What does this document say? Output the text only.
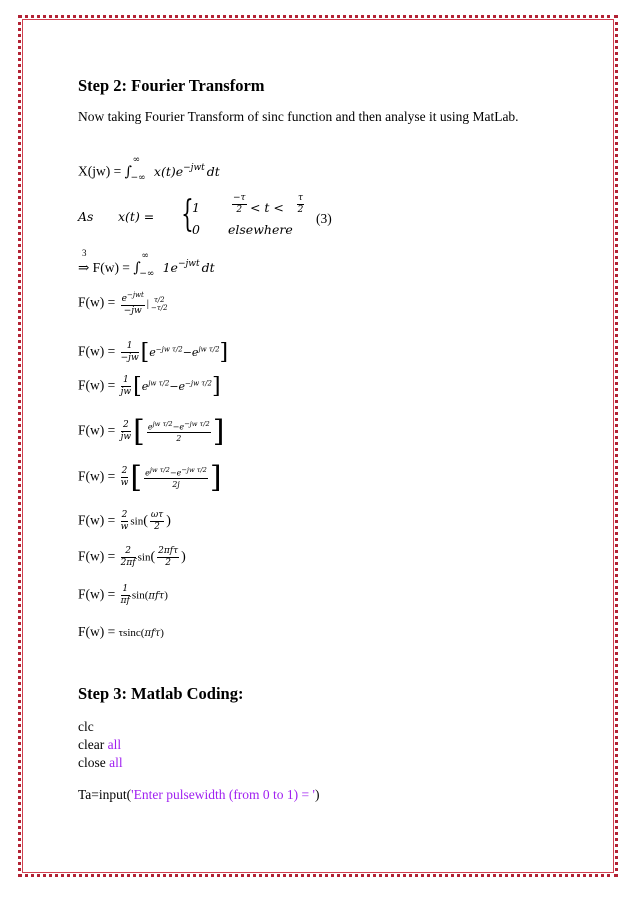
Step 2: Fourier Transform

Now taking Fourier Transform of sinc function and then analyse it using MatLab.

X(jw) = ∫
∞
−∞ $x(t)e^{-jwt}$ dt
As x(t) = {
1	$\frac{-\tau}{2} < t < \frac{\tau}{2}$
0 elsewhere
(3)
3
⇒ F(w) = ∫
∞
−∞ $1e^{-jwt}$ dt
$F(w) = \frac{e^{-jwt}}{-jw}$ | τ/2
−τ/2
$F(w) = \frac{1}{-jw} [e^{-jw \tau/2}-e^{jw \tau/2}]$
$F(w) = \frac{1}{jw} [e^{jw \tau/2}-e^{-jw \tau/2}]$
$F(w) = \frac{2}{jw}$ [ $\frac{e^{jw \tau/2}-e^{-jw \tau/2}}{2}$ ]
$F(w) = \frac{2}{w}$ [ $\frac{e^{jw \tau/2}-e^{-jw \tau/2}}{2j}$ ]
$F(w) = \frac{2}{w} \sin( \frac{\omega\tau}{2}$ )
$F(w) = \frac{2}{2\pi f} \sin( \frac{\text{2πfτ}}{2}$ )
$F(w) = \frac{1}{\pi f} \sin(\pi f\tau)$
F(w) = τsinc(πfτ)

Step 3: Matlab Coding:

clc
clear all
close all
Ta=input('Enter pulsewidth (from 0 to 1) = ')
